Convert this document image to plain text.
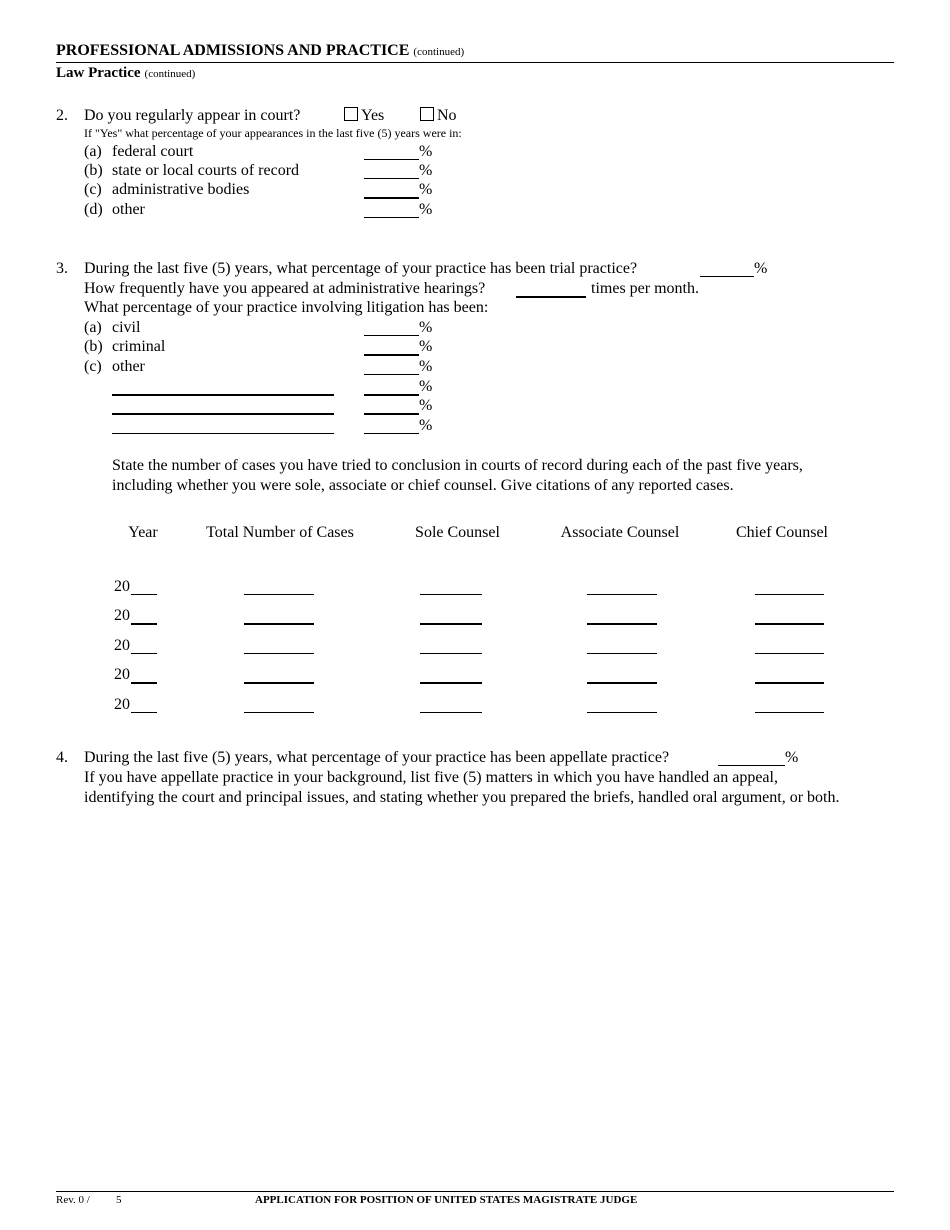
PROFESSIONAL ADMISSIONS AND PRACTICE (continued)
Law Practice (continued)
2. Do you regularly appear in court?	Yes	No
If "Yes" what percentage of your appearances in the last five (5) years were in:
(a) federal court	%
(b) state or local courts of record	%
(c) administrative bodies	%
(d) other	%
3. During the last five (5) years, what percentage of your practice has been trial practice?	%
How frequently have you appeared at administrative hearings?	times per month.
What percentage of your practice involving litigation has been:
(a) civil	%
(b) criminal	%
(c) other	%
%
%
%
State the number of cases you have tried to conclusion in courts of record during each of the past five years,
including whether you were sole, associate or chief counsel. Give citations of any reported cases.
Year	Total Number of Cases	Sole Counsel	Associate Counsel	Chief Counsel
20
20
20
20
20
4. During the last five (5) years, what percentage of your practice has been appellate practice?	%
If you have appellate practice in your background, list five (5) matters in which you have handled an appeal,
identifying the court and principal issues, and stating whether you prepared the briefs, handled oral argument, or both.
Rev. 0 / 5	APPLICATION FOR POSITION OF UNITED STATES MAGISTRATE JUDGE
